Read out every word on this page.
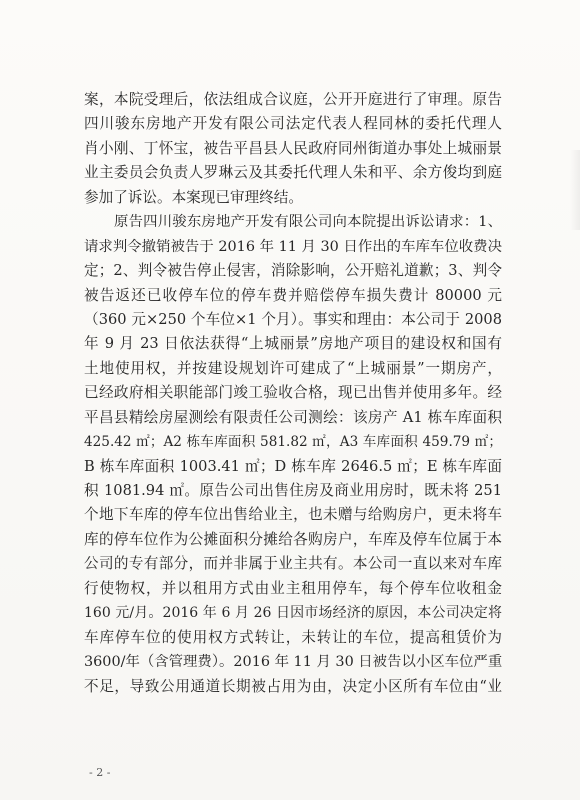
案，本院受理后，依法组成合议庭，公开开庭进行了审理。原告
四川骏东房地产开发有限公司法定代表人程同林的委托代理人
肖小刚、丁怀宝，被告平昌县人民政府同州街道办事处上城丽景
业主委员会负责人罗琳云及其委托代理人朱和平、余方俊均到庭
参加了诉讼。本案现已审理终结。
原告四川骏东房地产开发有限公司向本院提出诉讼请求：1、
请求判令撤销被告于 2016 年 11 月 30 日作出的车库车位收费决
定；2、判令被告停止侵害，消除影响，公开赔礼道歉；3、判令
被告返还已收停车位的停车费并赔偿停车损失费计 80000 元
（360 元×250 个车位×1 个月）。事实和理由：本公司于 2008
年 9 月 23 日依法获得“上城丽景”房地产项目的建设权和国有
土地使用权，并按建设规划许可建成了“上城丽景”一期房产，
已经政府相关职能部门竣工验收合格，现已出售并使用多年。经
平昌县精绘房屋测绘有限责任公司测绘：该房产 A1 栋车库面积
425.42 ㎡；A2 栋车库面积 581.82 ㎡，A3 车库面积 459.79 ㎡；
B 栋车库面积 1003.41 ㎡；D 栋车库 2646.5 ㎡；E 栋车库面
积 1081.94 ㎡。原告公司出售住房及商业用房时，既未将 251
个地下车库的停车位出售给业主，也未赠与给购房户，更未将车
库的停车位作为公摊面积分摊给各购房户，车库及停车位属于本
公司的专有部分，而并非属于业主共有。本公司一直以来对车库
行使物权，并以租用方式由业主租用停车，每个停车位收租金
160 元/月。2016 年 6 月 26 日因市场经济的原因，本公司决定将
车库停车位的使用权方式转让，未转让的车位，提高租赁价为
3600/年（含管理费）。2016 年 11 月 30 日被告以小区车位严重
不足，导致公用通道长期被占用为由，决定小区所有车位由“业
- 2 -
